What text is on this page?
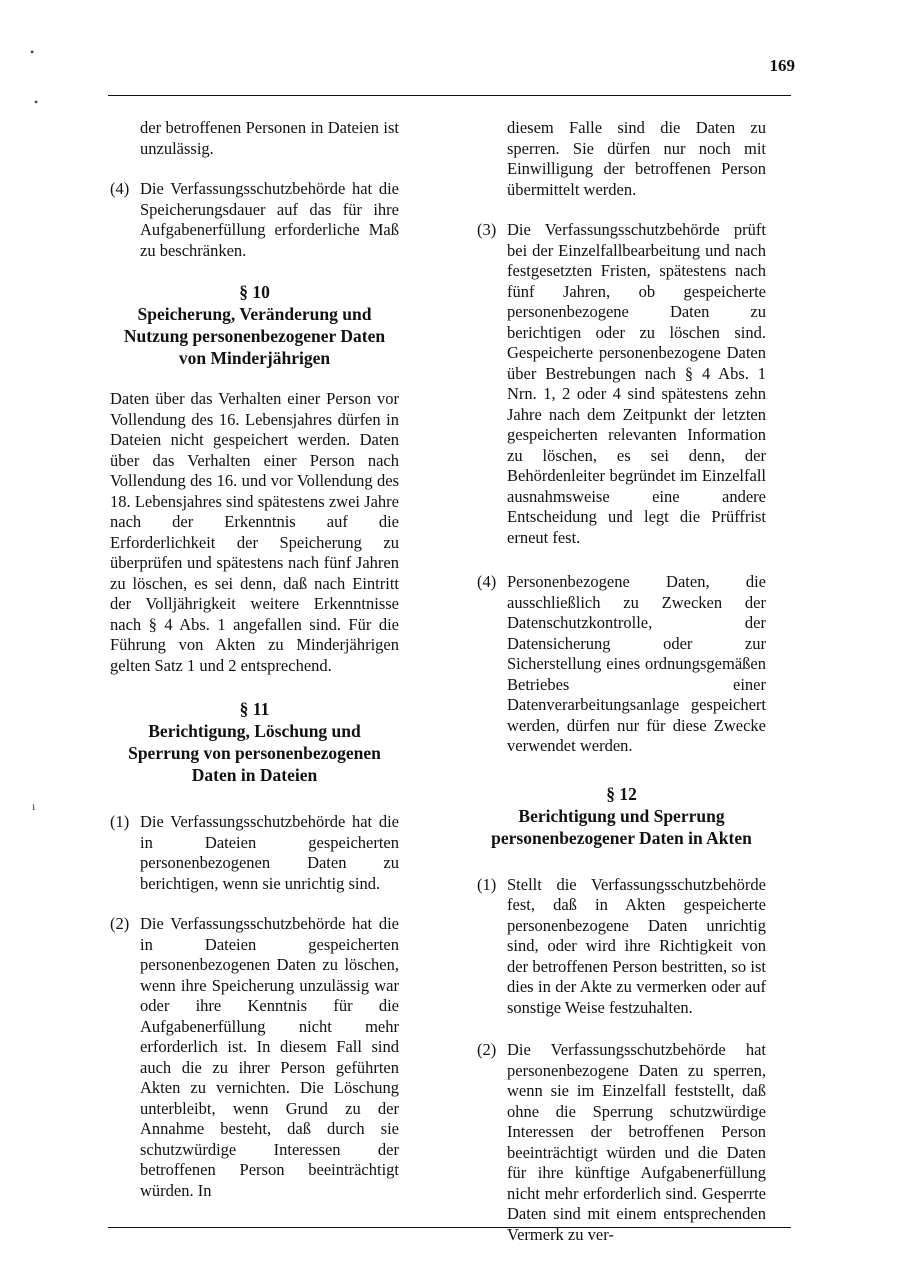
169
•
•
ı
der betroffenen Personen in Dateien ist unzulässig.
(4) Die Verfassungsschutzbehörde hat die Speicherungsdauer auf das für ihre Aufgabenerfüllung erforderliche Maß zu beschränken.
§ 10
Speicherung, Veränderung und
Nutzung personenbezogener Daten
von Minderjährigen
Daten über das Verhalten einer Person vor Vollendung des 16. Lebensjahres dürfen in Dateien nicht gespeichert werden. Daten über das Verhalten einer Person nach Vollendung des 16. und vor Vollendung des 18. Lebensjahres sind spätestens zwei Jahre nach der Erkenntnis auf die Erforderlichkeit der Speicherung zu überprüfen und spätestens nach fünf Jahren zu löschen, es sei denn, daß nach Eintritt der Volljährigkeit weitere Erkenntnisse nach § 4 Abs. 1 angefallen sind. Für die Führung von Akten zu Minderjährigen gelten Satz 1 und 2 entsprechend.
§ 11
Berichtigung, Löschung und
Sperrung von personenbezogenen
Daten in Dateien
(1) Die Verfassungsschutzbehörde hat die in Dateien gespeicherten personenbezogenen Daten zu berichtigen, wenn sie unrichtig sind.
(2) Die Verfassungsschutzbehörde hat die in Dateien gespeicherten personenbezogenen Daten zu löschen, wenn ihre Speicherung unzulässig war oder ihre Kenntnis für die Aufgabenerfüllung nicht mehr erforderlich ist. In diesem Fall sind auch die zu ihrer Person geführten Akten zu vernichten. Die Löschung unterbleibt, wenn Grund zu der Annahme besteht, daß durch sie schutzwürdige Interessen der betroffenen Person beeinträchtigt würden. In
diesem Falle sind die Daten zu sperren. Sie dürfen nur noch mit Einwilligung der betroffenen Person übermittelt werden.
(3) Die Verfassungsschutzbehörde prüft bei der Einzelfallbearbeitung und nach festgesetzten Fristen, spätestens nach fünf Jahren, ob gespeicherte personenbezogene Daten zu berichtigen oder zu löschen sind. Gespeicherte personenbezogene Daten über Bestrebungen nach § 4 Abs. 1 Nrn. 1, 2 oder 4 sind spätestens zehn Jahre nach dem Zeitpunkt der letzten gespeicherten relevanten Information zu löschen, es sei denn, der Behördenleiter begründet im Einzelfall ausnahmsweise eine andere Entscheidung und legt die Prüffrist erneut fest.
(4) Personenbezogene Daten, die ausschließlich zu Zwecken der Datenschutzkontrolle, der Datensicherung oder zur Sicherstellung eines ordnungsgemäßen Betriebes einer Datenverarbeitungsanlage gespeichert werden, dürfen nur für diese Zwecke verwendet werden.
§ 12
Berichtigung und Sperrung
personenbezogener Daten in Akten
(1) Stellt die Verfassungsschutzbehörde fest, daß in Akten gespeicherte personenbezogene Daten unrichtig sind, oder wird ihre Richtigkeit von der betroffenen Person bestritten, so ist dies in der Akte zu vermerken oder auf sonstige Weise festzuhalten.
(2) Die Verfassungsschutzbehörde hat personenbezogene Daten zu sperren, wenn sie im Einzelfall feststellt, daß ohne die Sperrung schutzwürdige Interessen der betroffenen Person beeinträchtigt würden und die Daten für ihre künftige Aufgabenerfüllung nicht mehr erforderlich sind. Gesperrte Daten sind mit einem entsprechenden Vermerk zu ver-
